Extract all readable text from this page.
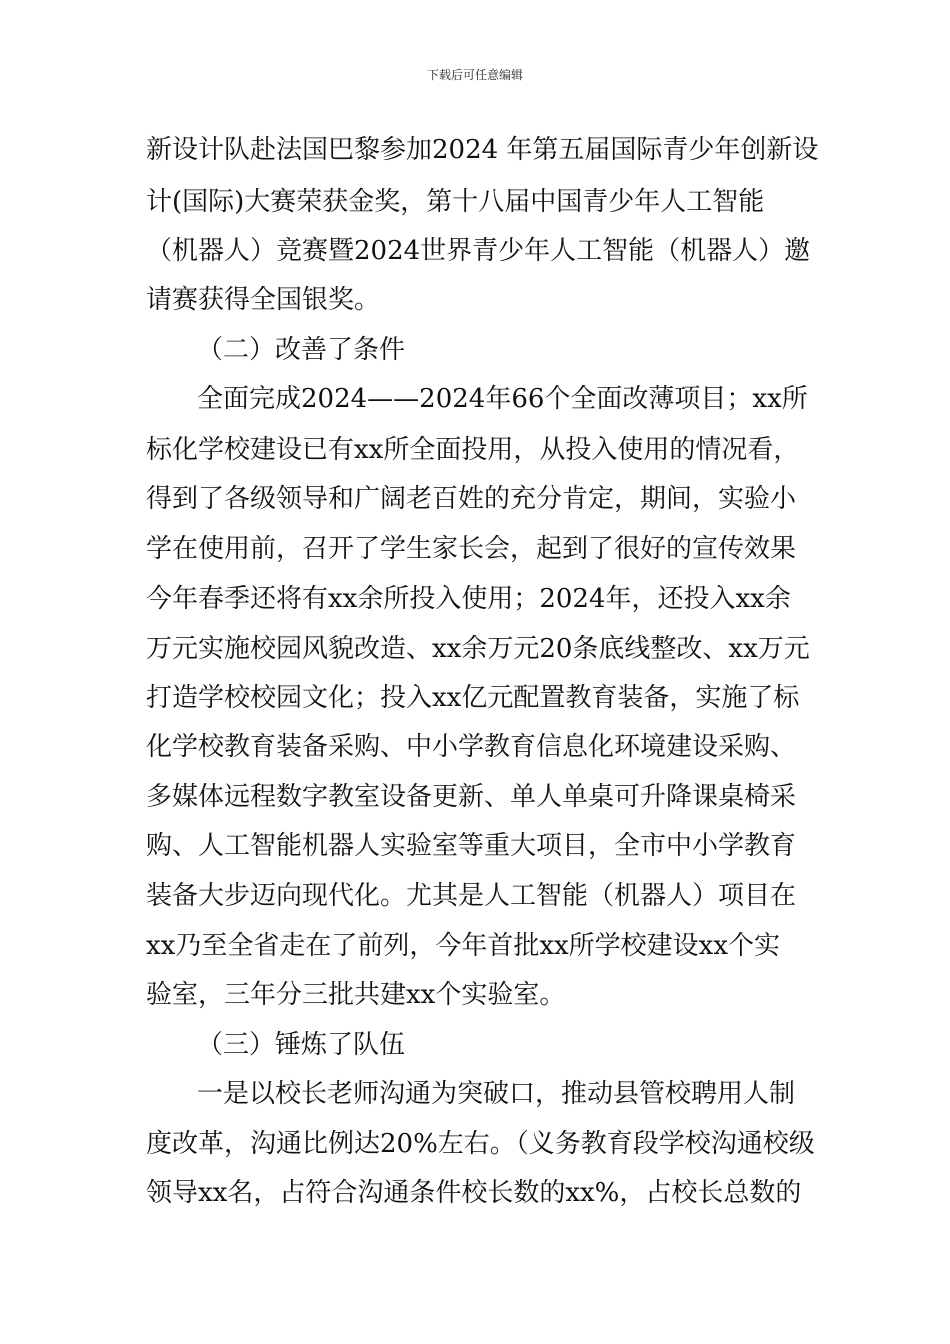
下载后可任意编辑
新设计队赴法国巴黎参加2024 年第五届国际青少年创新设
计(国际)大赛荣获金奖，第十八届中国青少年人工智能
（机器人）竞赛暨2024世界青少年人工智能（机器人）邀
请赛获得全国银奖。
（二）改善了条件
全面完成2024——2024年66个全面改薄项目；xx所
标化学校建设已有xx所全面投用，从投入使用的情况看，
得到了各级领导和广阔老百姓的充分肯定，期间，实验小
学在使用前，召开了学生家长会，起到了很好的宣传效果
今年春季还将有xx余所投入使用；2024年，还投入xx余
万元实施校园风貌改造、xx余万元20条底线整改、xx万元
打造学校校园文化；投入xx亿元配置教育装备，实施了标
化学校教育装备采购、中小学教育信息化环境建设采购、
多媒体远程数字教室设备更新、单人单桌可升降课桌椅采
购、人工智能机器人实验室等重大项目，全市中小学教育
装备大步迈向现代化。尤其是人工智能（机器人）项目在
xx乃至全省走在了前列，今年首批xx所学校建设xx个实
验室，三年分三批共建xx个实验室。
（三）锤炼了队伍
一是以校长老师沟通为突破口，推动县管校聘用人制
度改革，沟通比例达20%左右。（义务教育段学校沟通校级
领导xx名，占符合沟通条件校长数的xx%，占校长总数的
